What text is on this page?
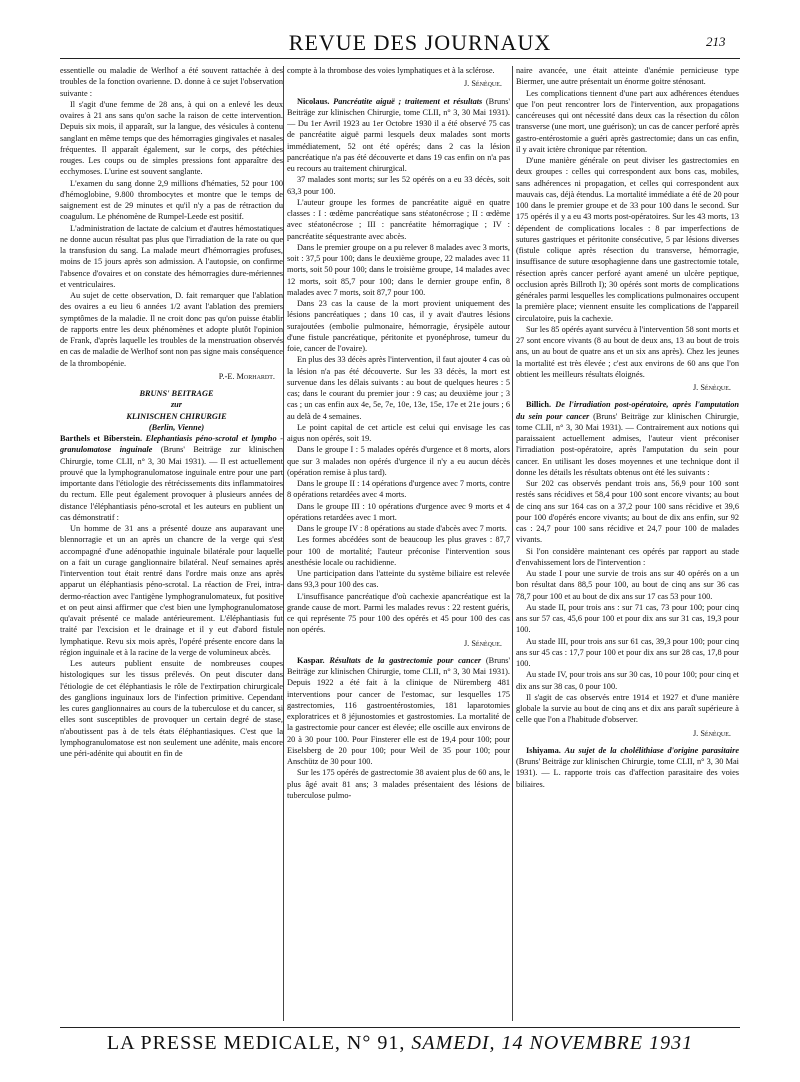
REVUE DES JOURNAUX	213

essentielle ou maladie de Werlhof a été souvent rattachée à des troubles de la fonction ovarienne. D. donne à ce sujet l'observation suivante :

Il s'agit d'une femme de 28 ans, à qui on a enlevé les deux ovaires à 21 ans sans qu'on sache la raison de cette intervention. Depuis six mois, il apparaît, sur la langue, des vésicules à contenu sanglant en même temps que des hémorragies gingivales et nasales fréquentes. Il apparaît également, sur le corps, des pétéchies rouges. Les coups ou de simples pressions font apparaître des ecchymoses. L'urine est souvent sanglante.

L'examen du sang donne 2,9 millions d'hématies, 52 pour 100 d'hémoglobine, 9.800 thrombocytes et montre que le temps de saignement est de 29 minutes et qu'il n'y a pas de rétraction du coagulum. Le phénomène de Rumpel-Leede est positif.

L'administration de lactate de calcium et d'autres hémostatiques ne donne aucun résultat pas plus que l'irradiation de la rate ou que la transfusion du sang. La malade meurt d'hémorragies profuses, moins de 15 jours après son admission. A l'autopsie, on confirme l'absence d'ovaires et on constate des hémorragies dure-mériennes et ventriculaires.

Au sujet de cette observation, D. fait remarquer que l'ablation des ovaires a eu lieu 6 années 1/2 avant l'ablation des premiers symptômes de la maladie. Il ne croit donc pas qu'on puisse établir de rapports entre les deux phénomènes et adopte plutôt l'opinion de Frank, d'après laquelle les troubles de la menstruation observés en cas de maladie de Werlhof sont non pas signe mais conséquence de la thrombopénie.

P.-E. Morhardt.

BRUNS' BEITRAGE

zur

KLINISCHEN CHIRURGIE

(Berlin, Vienne)

Barthels et Biberstein. Elephantiasis péno-scrotal et lympho - granulomatose inguinale (Bruns' Beiträge zur klinischen Chirurgie, tome CLII, n° 3, 30 Mai 1931). — Il est actuellement prouvé que la lymphogranulomatose inguinale entre pour une part importante dans l'étiologie des rétrécissements dits inflammatoires du rectum. Elle peut également provoquer à plusieurs années de distance l'éléphantiasis péno-scrotal et les auteurs en publient un cas démonstratif :

Un homme de 31 ans a présenté douze ans auparavant une blennorragie et un an après un chancre de la verge qui s'est accompagné d'une adénopathie inguinale bilatérale pour laquelle on a fait un curage ganglionnaire bilatéral. Neuf semaines après l'intervention tout était rentré dans l'ordre mais onze ans après apparut un éléphantiasis péno-scrotal. La réaction de Frei, intra-dermo-réaction avec l'antigène lymphogranulomateux, fut positive et on peut ainsi affirmer que c'est bien une lymphogranulomatose qu'avait présenté ce malade antérieurement. L'éléphantiasis fut traité par l'excision et le drainage et il y eut d'abord fistule lymphatique. Revu six mois après, l'opéré présente encore dans la région inguinale et à la racine de la verge de volumineux abcès.

Les auteurs publient ensuite de nombreuses coupes histologiques sur les tissus prélevés. On peut discuter dans l'étiologie de cet éléphantiasis le rôle de l'extirpation chirurgicale des ganglions inguinaux lors de l'infection primitive. Cependant les cures ganglionnaires au cours de la tuberculose et du cancer, si elles sont susceptibles de provoquer un certain degré de stase, n'aboutissent pas à de tels états éléphantiasiques. C'est que la lymphogranulomatose est non seulement une adénite, mais encore une péri-adénite qui aboutit en fin de

compte à la thrombose des voies lymphatiques et à la sclérose.

J. Sénèque.

Nicolaus. Pancréatite aiguë ; traitement et résultats (Bruns' Beiträge zur klinischen Chirurgie, tome CLII, n° 3, 30 Mai 1931). — Du 1er Avril 1923 au 1er Octobre 1930 il a été observé 75 cas de pancréatite aiguë parmi lesquels deux malades sont morts immédiatement, 52 ont été opérés; dans 2 cas la lésion pancréatique n'a pas été découverte et dans 19 cas enfin on n'a pas eu recours au traitement chirurgical.

37 malades sont morts; sur les 52 opérés on a eu 33 décès, soit 63,3 pour 100.

L'auteur groupe les formes de pancréatite aiguë en quatre classes : I : œdème pancréatique sans stéatonécrose ; II : œdème avec stéatonécrose ; III : pancréatite hémorragique ; IV : pancréatite séquestrante avec abcès.

Dans le premier groupe on a pu relever 8 malades avec 3 morts, soit : 37,5 pour 100; dans le deuxième groupe, 22 malades avec 11 morts, soit 50 pour 100; dans le troisième groupe, 14 malades avec 12 morts, soit 85,7 pour 100; dans le dernier groupe enfin, 8 malades avec 7 morts, soit 87,7 pour 100.

Dans 23 cas la cause de la mort provient uniquement des lésions pancréatiques ; dans 10 cas, il y avait d'autres lésions surajoutées (embolie pulmonaire, hémorragie, érysipèle autour d'une fistule pancréatique, péritonite et pyonéphrose, tumeur du foie, cancer de l'ovaire).

En plus des 33 décès après l'intervention, il faut ajouter 4 cas où la lésion n'a pas été découverte. Sur les 33 décès, la mort est survenue dans les délais suivants : au bout de quelques heures : 5 cas; dans le courant du premier jour : 9 cas; au deuxième jour ; 3 cas ; un cas enfin aux 4e, 5e, 7e, 10e, 13e, 15e, 17e et 21e jours ; 6 au delà de 4 semaines.

Le point capital de cet article est celui qui envisage les cas aigus non opérés, soit 19.

Dans le groupe I : 5 malades opérés d'urgence et 8 morts, alors que sur 3 malades non opérés d'urgence il n'y a eu aucun décès (opération remise à plus tard).

Dans le groupe II : 14 opérations d'urgence avec 7 morts, contre 8 opérations retardées avec 4 morts.

Dans le groupe III : 10 opérations d'urgence avec 9 morts et 4 opérations retardées avec 1 mort.

Dans le groupe IV : 8 opérations au stade d'abcès avec 7 morts.

Les formes abcédées sont de beaucoup les plus graves : 87,7 pour 100 de mortalité; l'auteur préconise l'intervention sous anesthésie locale ou rachidienne.

Une participation dans l'atteinte du système biliaire est relevée dans 93,3 pour 100 des cas.

L'insuffisance pancréatique d'où cachexie apancréatique est la grande cause de mort. Parmi les malades revus : 22 restent guéris, ce qui représente 75 pour 100 des opérés et 45 pour 100 des cas non opérés.

J. Sénèque.

Kaspar. Résultats de la gastrectomie pour cancer (Bruns' Beiträge zur klinischen Chirurgie, tome CLII, n° 3, 30 Mai 1931). Depuis 1922 a été fait à la clinique de Nüremberg 481 interventions pour cancer de l'estomac, sur lesquelles 175 gastrectomies, 116 gastroentérostomies, 181 laparotomies exploratrices et 8 jéjunostomies et gastrostomies. La mortalité de la gastrectomie pour cancer est élevée; elle oscille aux environs de 20 à 30 pour 100. Pour Finsterer elle est de 19,4 pour 100; pour Eiselsberg de 20 pour 100; pour Weil de 35 pour 100; pour Anschütz de 30 pour 100.

Sur les 175 opérés de gastrectomie 38 avaient plus de 60 ans, le plus âgé avait 81 ans; 3 malades présentaient des lésions de tuberculose pulmo-

naire avancée, une était atteinte d'anémie pernicieuse type Biermer, une autre présentait un énorme goitre sténosant.

Les complications tiennent d'une part aux adhérences étendues que l'on peut rencontrer lors de l'intervention, aux propagations cancéreuses qui ont nécessité dans deux cas la résection du côlon transverse (une mort, une guérison); un cas de cancer perforé après gastro-entérostomie a guéri après gastrectomie; dans un cas enfin, il y avait ictère chronique par rétention.

D'une manière générale on peut diviser les gastrectomies en deux groupes : celles qui correspondent aux bons cas, mobiles, sans adhérences ni propagation, et celles qui correspondent aux mauvais cas, déjà étendus. La mortalité immédiate a été de 20 pour 100 dans le premier groupe et de 33 pour 100 dans le second. Sur 175 opérés il y a eu 43 morts post-opératoires. Sur les 43 morts, 13 dépendent de complications locales : 8 par imperfections de sutures gastriques et péritonite consécutive, 5 par lésions diverses (fistule colique après résection du transverse, hémorragie, insuffisance de suture œsophagienne dans une gastrectomie totale, résection après cancer perforé ayant amené un ulcère peptique, occlusion après Billroth I); 30 opérés sont morts de complications générales parmi lesquelles les complications pulmonaires occupent la première place; viennent ensuite les complications de l'appareil circulatoire, puis la cachexie.

Sur les 85 opérés ayant survécu à l'intervention 58 sont morts et 27 sont encore vivants (8 au bout de deux ans, 13 au bout de trois ans, un au bout de quatre ans et un six ans après). Chez les jeunes la mortalité est très élevée ; c'est aux environs de 60 ans que l'on obtient les meilleurs résultats éloignés.

J. Sénèque.

Billich. De l'irradiation post-opératoire, après l'amputation du sein pour cancer (Bruns' Beiträge zur klinischen Chirurgie, tome CLII, n° 3, 30 Mai 1931). — Contrairement aux notions qui paraissaient actuellement admises, l'auteur vient préconiser l'irradiation post-opératoire, après l'amputation du sein pour cancer. En utilisant les doses moyennes et une technique dont il donne les détails les résultats obtenus ont été les suivants :

Sur 202 cas observés pendant trois ans, 56,9 pour 100 sont restés sans récidives et 58,4 pour 100 sont encore vivants; au bout de cinq ans sur 164 cas on a 37,2 pour 100 sans récidive et 39,6 pour 100 d'opérés encore vivants; au bout de dix ans enfin, sur 92 cas : 24,7 pour 100 sans récidive et 24,7 pour 100 de malades vivants.

Si l'on considère maintenant ces opérés par rapport au stade d'envahissement lors de l'intervention :

Au stade I pour une survie de trois ans sur 40 opérés on a un bon résultat dans 88,5 pour 100, au bout de cinq ans sur 36 cas 78,7 pour 100 et au bout de dix ans sur 17 cas 53 pour 100.

Au stade II, pour trois ans : sur 71 cas, 73 pour 100; pour cinq ans sur 57 cas, 45,6 pour 100 et pour dix ans sur 31 cas, 19,3 pour 100.

Au stade III, pour trois ans sur 61 cas, 39,3 pour 100; pour cinq ans sur 45 cas : 17,7 pour 100 et pour dix ans sur 28 cas, 17,8 pour 100.

Au stade IV, pour trois ans sur 30 cas, 10 pour 100; pour cinq et dix ans sur 38 cas, 0 pour 100.

Il s'agit de cas observés entre 1914 et 1927 et d'une manière globale la survie au bout de cinq ans et dix ans paraît supérieure à celle que l'on a l'habitude d'observer.

J. Sénèque.

Ishiyama. Au sujet de la cholélithiase d'origine parasitaire (Bruns' Beiträge zur klinischen Chirurgie, tome CLII, n° 3, 30 Mai 1931). — L. rapporte trois cas d'affection parasitaire des voies biliaires.

LA PRESSE MEDICALE, N° 91, SAMEDI, 14 NOVEMBRE 1931
